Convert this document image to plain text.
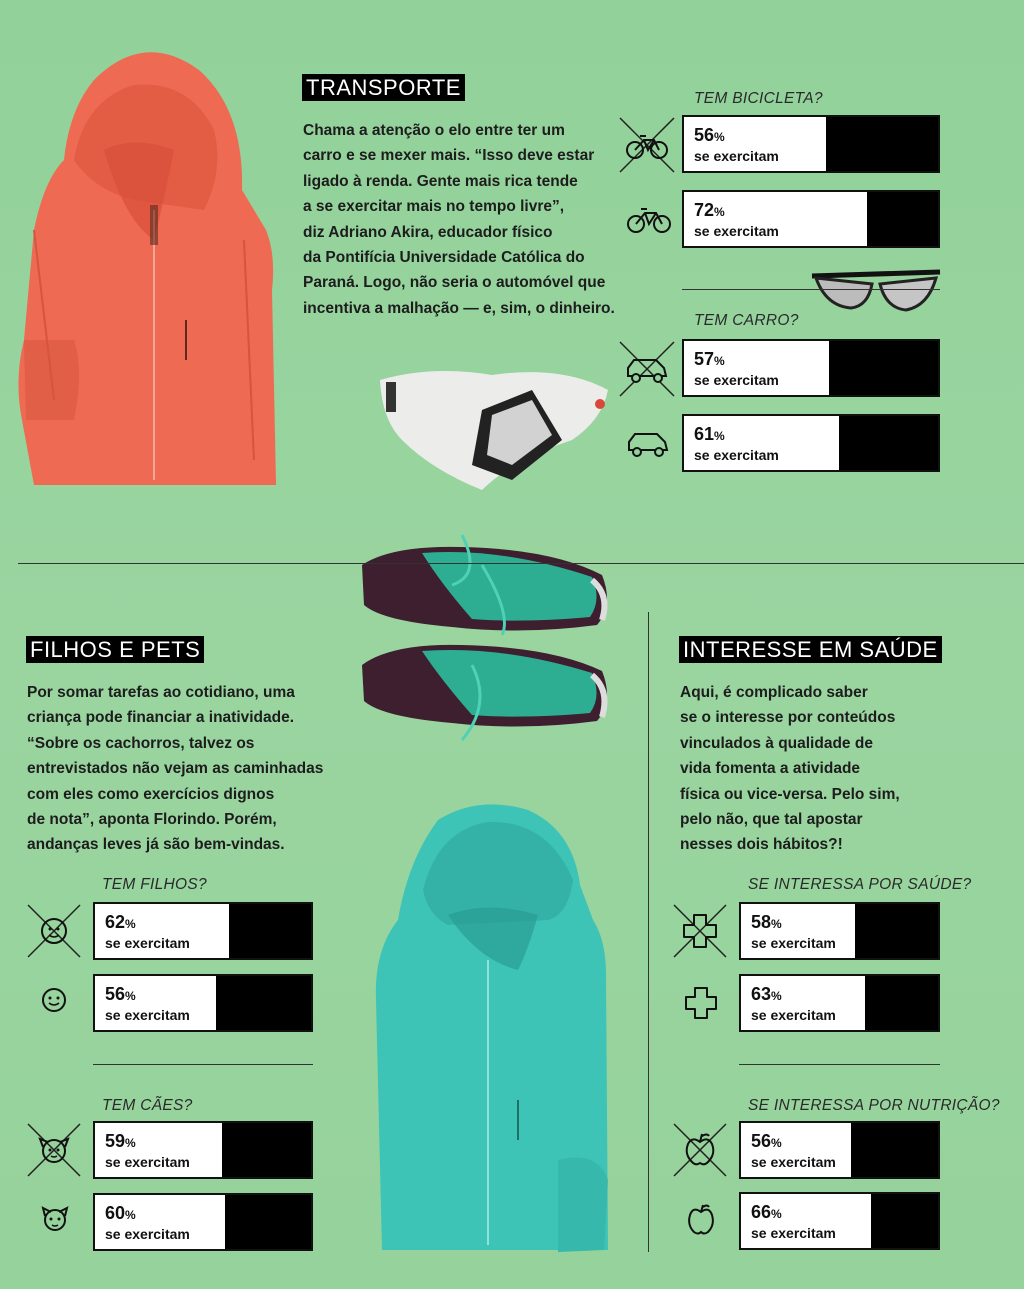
TRANSPORTE
Chama a atenção o elo entre ter um
carro e se mexer mais. “Isso deve estar
ligado à renda. Gente mais rica tende
a se exercitar mais no tempo livre”,
diz Adriano Akira, educador físico
da Pontifícia Universidade Católica do
Paraná. Logo, não seria o automóvel que
incentiva a malhação — e, sim, o dinheiro.
TEM BICICLETA?
56%
se exercitam
72%
se exercitam
TEM CARRO?
57%
se exercitam
61%
se exercitam
FILHOS E PETS
Por somar tarefas ao cotidiano, uma
criança pode financiar a inatividade.
“Sobre os cachorros, talvez os
entrevistados não vejam as caminhadas
com eles como exercícios dignos
de nota”, aponta Florindo. Porém,
andanças leves já são bem-vindas.
TEM FILHOS?
62%
se exercitam
56%
se exercitam
TEM CÃES?
59%
se exercitam
60%
se exercitam
INTERESSE EM SAÚDE
Aqui, é complicado saber
se o interesse por conteúdos
vinculados à qualidade de
vida fomenta a atividade
física ou vice-versa. Pelo sim,
pelo não, que tal apostar
nesses dois hábitos?!
SE INTERESSA POR SAÚDE?
58%
se exercitam
63%
se exercitam
SE INTERESSA POR NUTRIÇÃO?
56%
se exercitam
66%
se exercitam
